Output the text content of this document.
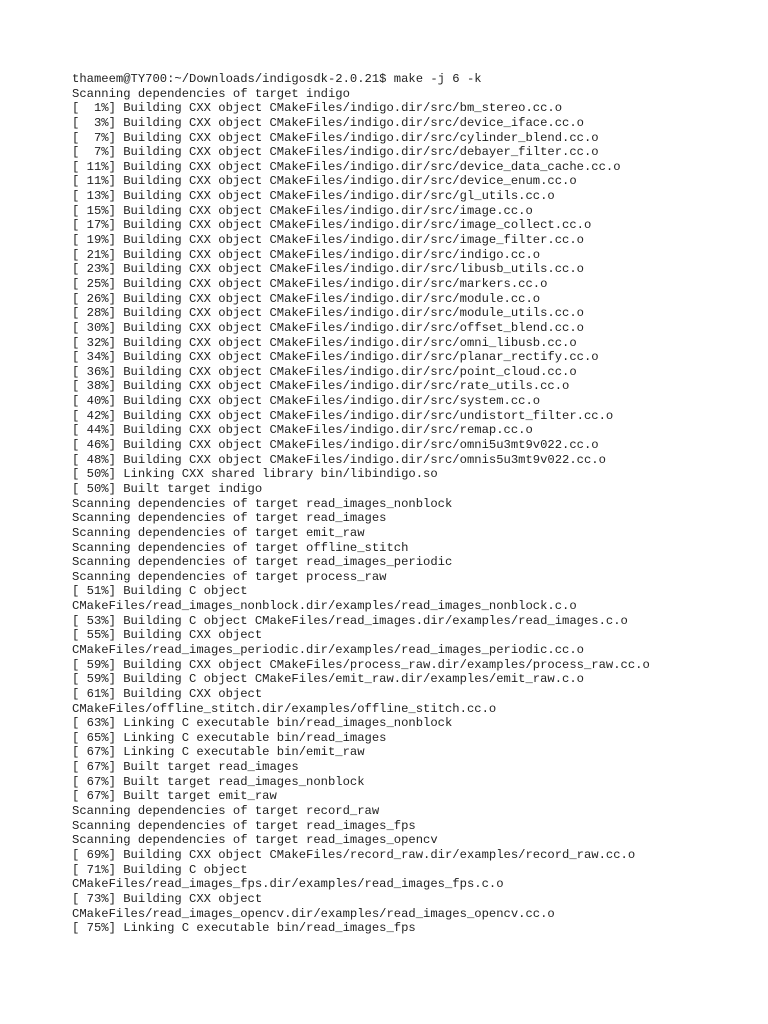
thameem@TY700:~/Downloads/indigosdk-2.0.21$ make -j 6 -k
Scanning dependencies of target indigo
[  1%] Building CXX object CMakeFiles/indigo.dir/src/bm_stereo.cc.o
[  3%] Building CXX object CMakeFiles/indigo.dir/src/device_iface.cc.o
[  7%] Building CXX object CMakeFiles/indigo.dir/src/cylinder_blend.cc.o
[  7%] Building CXX object CMakeFiles/indigo.dir/src/debayer_filter.cc.o
[ 11%] Building CXX object CMakeFiles/indigo.dir/src/device_data_cache.cc.o
[ 11%] Building CXX object CMakeFiles/indigo.dir/src/device_enum.cc.o
[ 13%] Building CXX object CMakeFiles/indigo.dir/src/gl_utils.cc.o
[ 15%] Building CXX object CMakeFiles/indigo.dir/src/image.cc.o
[ 17%] Building CXX object CMakeFiles/indigo.dir/src/image_collect.cc.o
[ 19%] Building CXX object CMakeFiles/indigo.dir/src/image_filter.cc.o
[ 21%] Building CXX object CMakeFiles/indigo.dir/src/indigo.cc.o
[ 23%] Building CXX object CMakeFiles/indigo.dir/src/libusb_utils.cc.o
[ 25%] Building CXX object CMakeFiles/indigo.dir/src/markers.cc.o
[ 26%] Building CXX object CMakeFiles/indigo.dir/src/module.cc.o
[ 28%] Building CXX object CMakeFiles/indigo.dir/src/module_utils.cc.o
[ 30%] Building CXX object CMakeFiles/indigo.dir/src/offset_blend.cc.o
[ 32%] Building CXX object CMakeFiles/indigo.dir/src/omni_libusb.cc.o
[ 34%] Building CXX object CMakeFiles/indigo.dir/src/planar_rectify.cc.o
[ 36%] Building CXX object CMakeFiles/indigo.dir/src/point_cloud.cc.o
[ 38%] Building CXX object CMakeFiles/indigo.dir/src/rate_utils.cc.o
[ 40%] Building CXX object CMakeFiles/indigo.dir/src/system.cc.o
[ 42%] Building CXX object CMakeFiles/indigo.dir/src/undistort_filter.cc.o
[ 44%] Building CXX object CMakeFiles/indigo.dir/src/remap.cc.o
[ 46%] Building CXX object CMakeFiles/indigo.dir/src/omni5u3mt9v022.cc.o
[ 48%] Building CXX object CMakeFiles/indigo.dir/src/omnis5u3mt9v022.cc.o
[ 50%] Linking CXX shared library bin/libindigo.so
[ 50%] Built target indigo
Scanning dependencies of target read_images_nonblock
Scanning dependencies of target read_images
Scanning dependencies of target emit_raw
Scanning dependencies of target offline_stitch
Scanning dependencies of target read_images_periodic
Scanning dependencies of target process_raw
[ 51%] Building C object
CMakeFiles/read_images_nonblock.dir/examples/read_images_nonblock.c.o
[ 53%] Building C object CMakeFiles/read_images.dir/examples/read_images.c.o
[ 55%] Building CXX object
CMakeFiles/read_images_periodic.dir/examples/read_images_periodic.cc.o
[ 59%] Building CXX object CMakeFiles/process_raw.dir/examples/process_raw.cc.o
[ 59%] Building C object CMakeFiles/emit_raw.dir/examples/emit_raw.c.o
[ 61%] Building CXX object
CMakeFiles/offline_stitch.dir/examples/offline_stitch.cc.o
[ 63%] Linking C executable bin/read_images_nonblock
[ 65%] Linking C executable bin/read_images
[ 67%] Linking C executable bin/emit_raw
[ 67%] Built target read_images
[ 67%] Built target read_images_nonblock
[ 67%] Built target emit_raw
Scanning dependencies of target record_raw
Scanning dependencies of target read_images_fps
Scanning dependencies of target read_images_opencv
[ 69%] Building CXX object CMakeFiles/record_raw.dir/examples/record_raw.cc.o
[ 71%] Building C object
CMakeFiles/read_images_fps.dir/examples/read_images_fps.c.o
[ 73%] Building CXX object
CMakeFiles/read_images_opencv.dir/examples/read_images_opencv.cc.o
[ 75%] Linking C executable bin/read_images_fps
